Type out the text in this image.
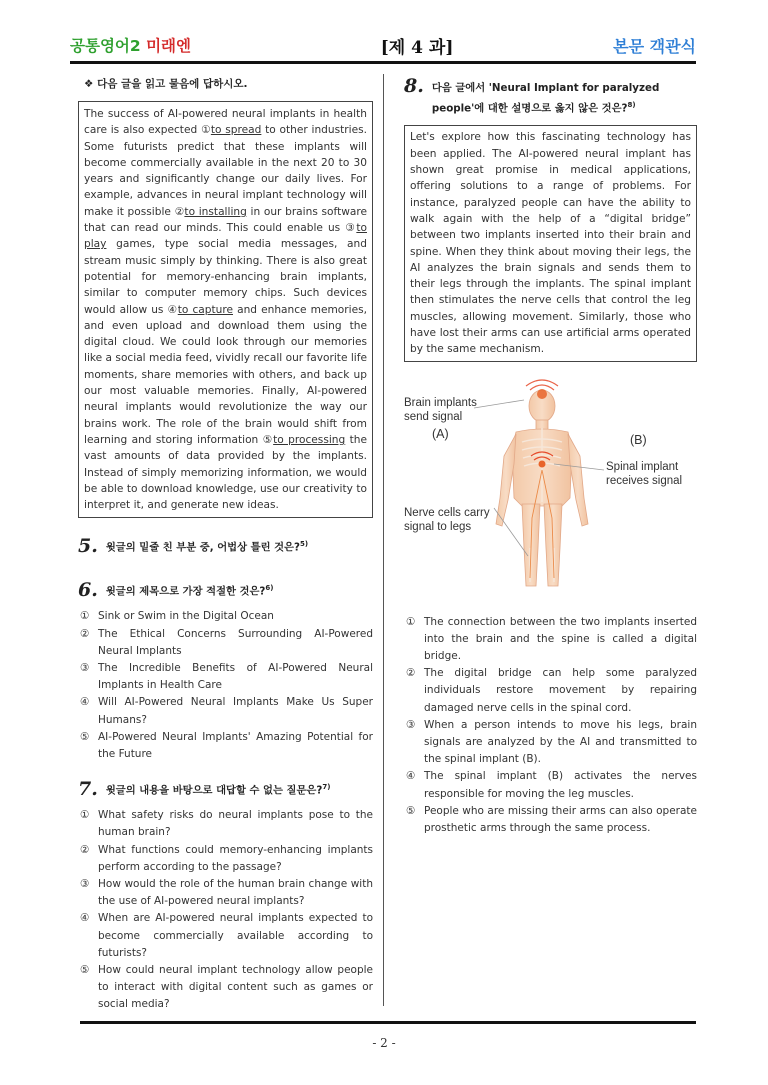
공통영어2 미래엔	[제 4 과]	본문 객관식
❖ 다음 글을 읽고 물음에 답하시오.
The success of AI-powered neural implants in health care is also expected ①to spread to other industries. Some futurists predict that these implants will become commercially available in the next 20 to 30 years and significantly change our daily lives. For example, advances in neural implant technology will make it possible ②to installing in our brains software that can read our minds. This could enable us ③to play games, type social media messages, and stream music simply by thinking. There is also great potential for memory-enhancing brain implants, similar to computer memory chips. Such devices would allow us ④to capture and enhance memories, and even upload and download them using the digital cloud. We could look through our memories like a social media feed, vividly recall our favorite life moments, share memories with others, and back up our most valuable memories. Finally, AI-powered neural implants would revolutionize the way our brains work. The role of the brain would shift from learning and storing information ⑤to processing the vast amounts of data provided by the implants. Instead of simply memorizing information, we would be able to download knowledge, use our creativity to interpret it, and generate new ideas.
5. 윗글의 밑줄 친 부분 중, 어법상 틀린 것은?$^{5)}$
6. 윗글의 제목으로 가장 적절한 것은?$^{6)}$
① Sink or Swim in the Digital Ocean
② The Ethical Concerns Surrounding AI-Powered Neural Implants
③ The Incredible Benefits of AI-Powered Neural Implants in Health Care
④ Will AI-Powered Neural Implants Make Us Super Humans?
⑤ AI-Powered Neural Implants' Amazing Potential for the Future
7. 윗글의 내용을 바탕으로 대답할 수 없는 질문은?$^{7)}$
① What safety risks do neural implants pose to the human brain?
② What functions could memory-enhancing implants perform according to the passage?
③ How would the role of the human brain change with the use of AI-powered neural implants?
④ When are AI-powered neural implants expected to become commercially available according to futurists?
⑤ How could neural implant technology allow people to interact with digital content such as games or social media?
8. 다음 글에서 'Neural Implant for paralyzed people'에 대한 설명으로 옳지 않은 것은?$^{8)}$
Let's explore how this fascinating technology has been applied. The AI-powered neural implant has shown great promise in medical applications, offering solutions to a range of problems. For instance, paralyzed people can have the ability to walk again with the help of a “digital bridge” between two implants inserted into their brain and spine. When they think about moving their legs, the AI analyzes the brain signals and sends them to their legs through the implants. The spinal implant then stimulates the nerve cells that control the leg muscles, allowing movement. Similarly, those who have lost their arms can use artificial arms operated by the same mechanism.
Brain implants
send signal
(A)	(B)
Spinal implant
receives signal
Nerve cells carry
signal to legs
① The connection between the two implants inserted into the brain and the spine is called a digital bridge.
② The digital bridge can help some paralyzed individuals restore movement by repairing damaged nerve cells in the spinal cord.
③ When a person intends to move his legs, brain signals are analyzed by the AI and transmitted to the spinal implant (B).
④ The spinal implant (B) activates the nerves responsible for moving the leg muscles.
⑤ People who are missing their arms can also operate prosthetic arms through the same process.
- 2 -
